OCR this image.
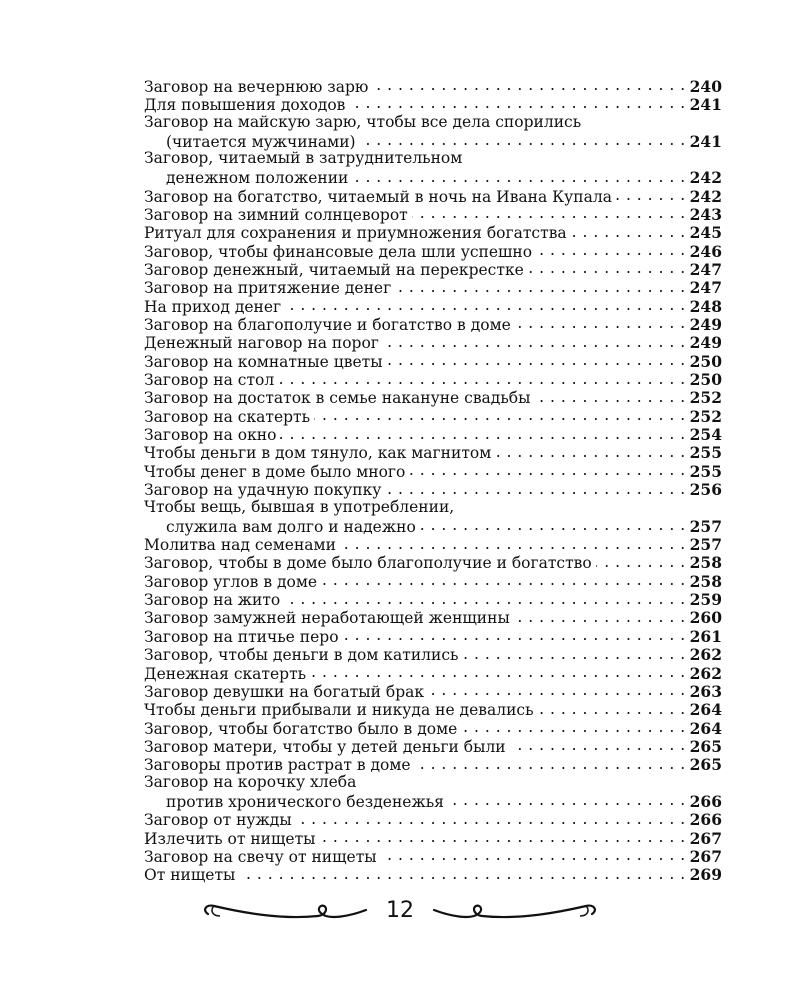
Заговор на вечернюю зарю . . .	240
Для повышения доходов . . .	241
Заговор на майскую зарю, чтобы все дела спорились
(читается мужчинами) . . .	241
Заговор, читаемый в затруднительном
денежном положении . . .	242
Заговор на богатство, читаемый в ночь на Ивана Купала . . .	242
Заговор на зимний солнцеворот . . .	243
Ритуал для сохранения и приумножения богатства . . .	245
Заговор, чтобы финансовые дела шли успешно . . .	246
Заговор денежный, читаемый на перекрестке . . .	247
Заговор на притяжение денег . . .	247
На приход денег . . .	248
Заговор на благополучие и богатство в доме . . .	249
Денежный наговор на порог . . .	249
Заговор на комнатные цветы . . .	250
Заговор на стол . . .	250
Заговор на достаток в семье накануне свадьбы . . .	252
Заговор на скатерть . . .	252
Заговор на окно . . .	254
Чтобы деньги в дом тянуло, как магнитом . . .	255
Чтобы денег в доме было много . . .	255
Заговор на удачную покупку . . .	256
Чтобы вещь, бывшая в употреблении,
служила вам долго и надежно . . .	257
Молитва над семенами . . .	257
Заговор, чтобы в доме было благополучие и богатство . . .	258
Заговор углов в доме . . .	258
Заговор на жито . . .	259
Заговор замужней неработающей женщины . . .	260
Заговор на птичье перо . . .	261
Заговор, чтобы деньги в дом катились . . .	262
Денежная скатерть . . .	262
Заговор девушки на богатый брак . . .	263
Чтобы деньги прибывали и никуда не девались . . .	264
Заговор, чтобы богатство было в доме . . .	264
Заговор матери, чтобы у детей деньги были . . .	265
Заговоры против растрат в доме . . .	265
Заговор на корочку хлеба
против хронического безденежья . . .	266
Заговор от нужды . . .	266
Излечить от нищеты . . .	267
Заговор на свечу от нищеты . . .	267
От нищеты . . .	269
12
